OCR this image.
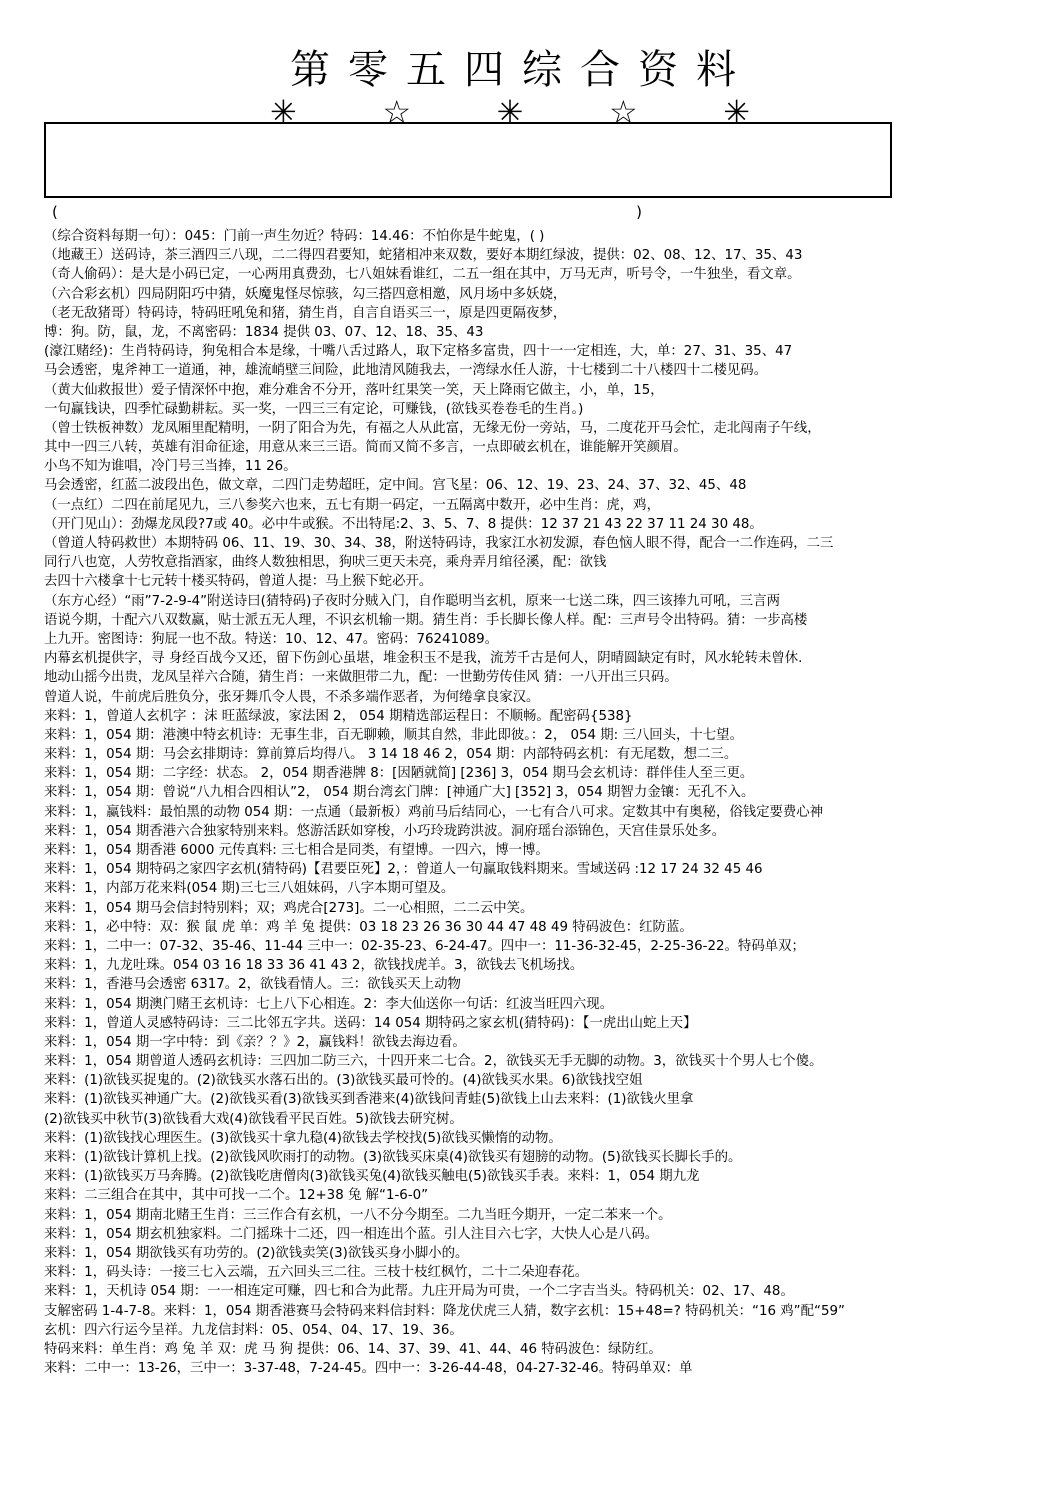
第零五四综合资料
✳	☆	✳	☆	✳
(	)
（综合资料每期一句）：045：门前一声生勿近？特码：14.46：不怕你是牛蛇鬼，( )
（地藏王）送码诗，茶三酒四三八现，二二得四君要知，蛇猪相冲来双数，要好本期红绿波，提供：02、08、12、17、35、43
（奇人偷码）：是大是小码已定，一心两用真费劲，七八姐妹看谁红，二五一组在其中，万马无声，听号令，一牛独坐，看文章。
（六合彩玄机）四局阴阳巧中猜，妖魔鬼怪尽惊骇，勾三搭四意相邀，风月场中多妖娆，
（老无敌猪哥）特码诗，特码旺吼兔和猪，猜生肖，自言自语买三一，原是四更隔夜梦，
博：狗。防，鼠，龙，不离密码：1834 提供 03、07、12、18、35、43
(濠江赌经)：生肖特码诗，狗兔相合本是缘，十嘴八舌过路人，取下定格多富贵，四十一一定相连，大，单：27、31、35、47
马会透密，鬼斧神工一道通，神，雄流峭壁三间险，此地清风随我去，一湾绿水任人游，十七楼到二十八楼四十二楼见码。
（黄大仙救报世）爱子情深怀中抱，难分难舍不分开，落叶红果笑一笑，天上降雨它做主，小，单，15，
一句赢钱诀，四季忙碌勤耕耘。买一奖，一四三三有定论，可赚钱，(欲钱买卷卷毛的生肖。)
（曾士铁板神数）龙凤厢里配精明，一阴了阳合为先，有福之人从此富，无缘无份一旁站，马，二度花开马会忙，走北闯南子午线，
其中一四三八转，英雄有泪命征途，用意从来三三语。简而又简不多言，一点即破玄机在，谁能解开笑颜眉。
小鸟不知为谁唱，冷门号三当捧，11 26。
马会透密，红蓝二波段出色，做文章，二四门走势超旺，定中间。宫飞星：06、12、19、23、24、37、32、45、48
（一点红）二四在前尾见九，三八参奖六也来，五七有期一码定，一五隔离中数开，必中生肖：虎，鸡，
（开门见山）：劲爆龙凤段?7或 40。必中牛或猴。不出特尾:2、3、5、7、8 提供：12 37 21 43 22 37 11 24 30 48。
（曾道人特码救世）本期特码 06、11、19、30、34、38，附送特码诗，我家江水初发源，春色恼人眼不得，配合一二作连码，二三
同行八也宽，人劳牧意指酒家，曲终人数独相思，狗吠三更天未亮，乘舟弄月绾径溪，配：欲钱
去四十六楼拿十七元转十楼买特码，曾道人提：马上猴下蛇必开。
（东方心经）“雨”7-2-9-4”附送诗曰(猜特码)子夜时分贼入门，自作聪明当玄机，原来一七送二珠，四三该捧九可吼，三言两
语说今期，十配六八双数赢，贴士派五无人理，不识玄机输一期。猜生肖：手长脚长像人样。配：三声号令出特码。猜：一步高楼
上九开。密图诗：狗屁一也不敌。特送：10、12、47。密码：76241089。
内幕玄机提供字，寻 身经百战今又还，留下伤剑心虽堪，堆金积玉不是我，流芳千古是何人，阴晴圆缺定有时，风水轮转未曾休.
地动山摇今出贵，龙凤呈祥六合随，猜生肖：一来做胆带二九，配：一世勤劳传佳风 猜：一八开出三只码。
曾道人说，牛前虎后胜负分，张牙舞爪令人畏，不杀多端作恶者，为何绻拿良家汉。
来料：1，曾道人玄机字 ：沫 旺蓝绿波，家法困 2， 054 期精选部运程日：不顺畅。配密码{538}
来料：1，054 期：港澳中特玄机诗：无事生非，百无聊赖，顺其自然，非此即彼。：2， 054 期: 三八回头，十七望。
来料：1，054 期：马会玄排期诗：算前算后均得八。 3 14 18 46 2，054 期：内部特码玄机：有无尾数，想二三。
来料：1，054 期：二字经：状态。 2，054 期香港牌 8：[因陋就简] [236] 3，054 期马会玄机诗：群伴佳人至三更。
来料：1，054 期：曾说“八九相合四相认”2， 054 期台湾玄门牌：[神通广大] [352] 3，054 期智力金镶：无孔不入。
来料：1，赢钱料：最怕黑的动物 054 期：一点通（最新板）鸡前马后结同心，一七有合八可求。定数其中有奥秘，俗钱定要费心神
来料：1，054 期香港六合独家特别来料。悠游活跃如穿梭，小巧玲珑跨洪波。洞府瑶台添锦色，天宫佳景乐处多。
来料：1，054 期香港 6000 元传真料: 三七相合是同类，有望博。一四六，博一博。
来料：1，054 期特码之家四字玄机(猜特码)【君要臣死】2，：曾道人一句赢取钱料期来。雪域送码 :12 17 24 32 45 46
来料：1，内部万花来料(054 期)三七三八姐妹码，八字本期可望及。
来料：1，054 期马会信封特别料；双；鸡虎合[273]。二一心相照，二二云中笑。
来料：1，必中特：双：猴 鼠 虎 单：鸡 羊 兔 提供：03 18 23 26 36 30 44 47 48 49 特码波色：红防蓝。
来料：1，二中一：07-32、35-46、11-44 三中一：02-35-23、6-24-47。四中一：11-36-32-45，2-25-36-22。特码单双；
来料：1，九龙吐珠。054 03 16 18 33 36 41 43 2，欲钱找虎羊。3，欲钱去飞机场找。
来料：1，香港马会透密 6317。2，欲钱看情人。三：欲钱买天上动物
来料：1，054 期澳门赌王玄机诗：七上八下心相连。2：李大仙送你一句话：红波当旺四六现。
来料：1，曾道人灵感特码诗：三二比邻五字共。送码：14 054 期特码之家玄机(猜特码)：【一虎出山蛇上天】
来料：1，054 期一字中特：到《亲？？》2，赢钱料！欲钱去海边看。
来料：1，054 期曾道人透码玄机诗：三四加二防三六，十四开来二七合。2，欲钱买无手无脚的动物。3，欲钱买十个男人七个傻。
来料：(1)欲钱买捉鬼的。(2)欲钱买水落石出的。(3)欲钱买最可怜的。(4)欲钱买水果。6)欲钱找空姐
来料：(1)欲钱买神通广大。(2)欲钱买看(3)欲钱买到香港来(4)欲钱问青蛙(5)欲钱上山去来料：(1)欲钱火里拿
(2)欲钱买中秋节(3)欲钱看大戏(4)欲钱看平民百姓。5)欲钱去研究树。
来料：(1)欲钱找心理医生。(3)欲钱买十拿九稳(4)欲钱去学校找(5)欲钱买懒惰的动物。
来料：(1)欲钱计算机上找。(2)欲钱风吹雨打的动物。(3)欲钱买床桌(4)欲钱买有翅膀的动物。(5)欲钱买长脚长手的。
来料：(1)欲钱买万马奔腾。(2)欲钱吃唐僧肉(3)欲钱买兔(4)欲钱买触电(5)欲钱买手表。来料：1，054 期九龙
来料：二三组合在其中，其中可找一二个。12+38 兔 解“1-6-0”
来料：1，054 期南北赌王生肖：三三作合有玄机，一八不分今期至。二九当旺今期开，一定二苯来一个。
来料：1，054 期玄机独家料。二门摇珠十二还，四一相连出个蓝。引人注目六七字，大快人心是八码。
来料：1，054 期欲钱买有功劳的。(2)欲钱卖笑(3)欲钱买身小脚小的。
来料：1，码头诗：一接三七入云端，五六回头三二往。三枝十枝红枫竹，二十二朵迎春花。
来料：1，天机诗 054 期：一一相连定可赚，四七和合为此帮。九庄开局为可贵，一个二字吉当头。特码机关：02、17、48。
支解密码 1-4-7-8。来料：1，054 期香港赛马会特码来料信封料：降龙伏虎三人猜，数字玄机：15+48=? 特码机关：“16 鸡”配“59”
玄机：四六行运今呈祥。九龙信封料：05、054、04、17、19、36。
特码来料：单生肖：鸡 兔 羊 双：虎 马 狗 提供：06、14、37、39、41、44、46 特码波色：绿防红。
来料：二中一：13-26，三中一：3-37-48，7-24-45。四中一：3-26-44-48，04-27-32-46。特码单双：单
